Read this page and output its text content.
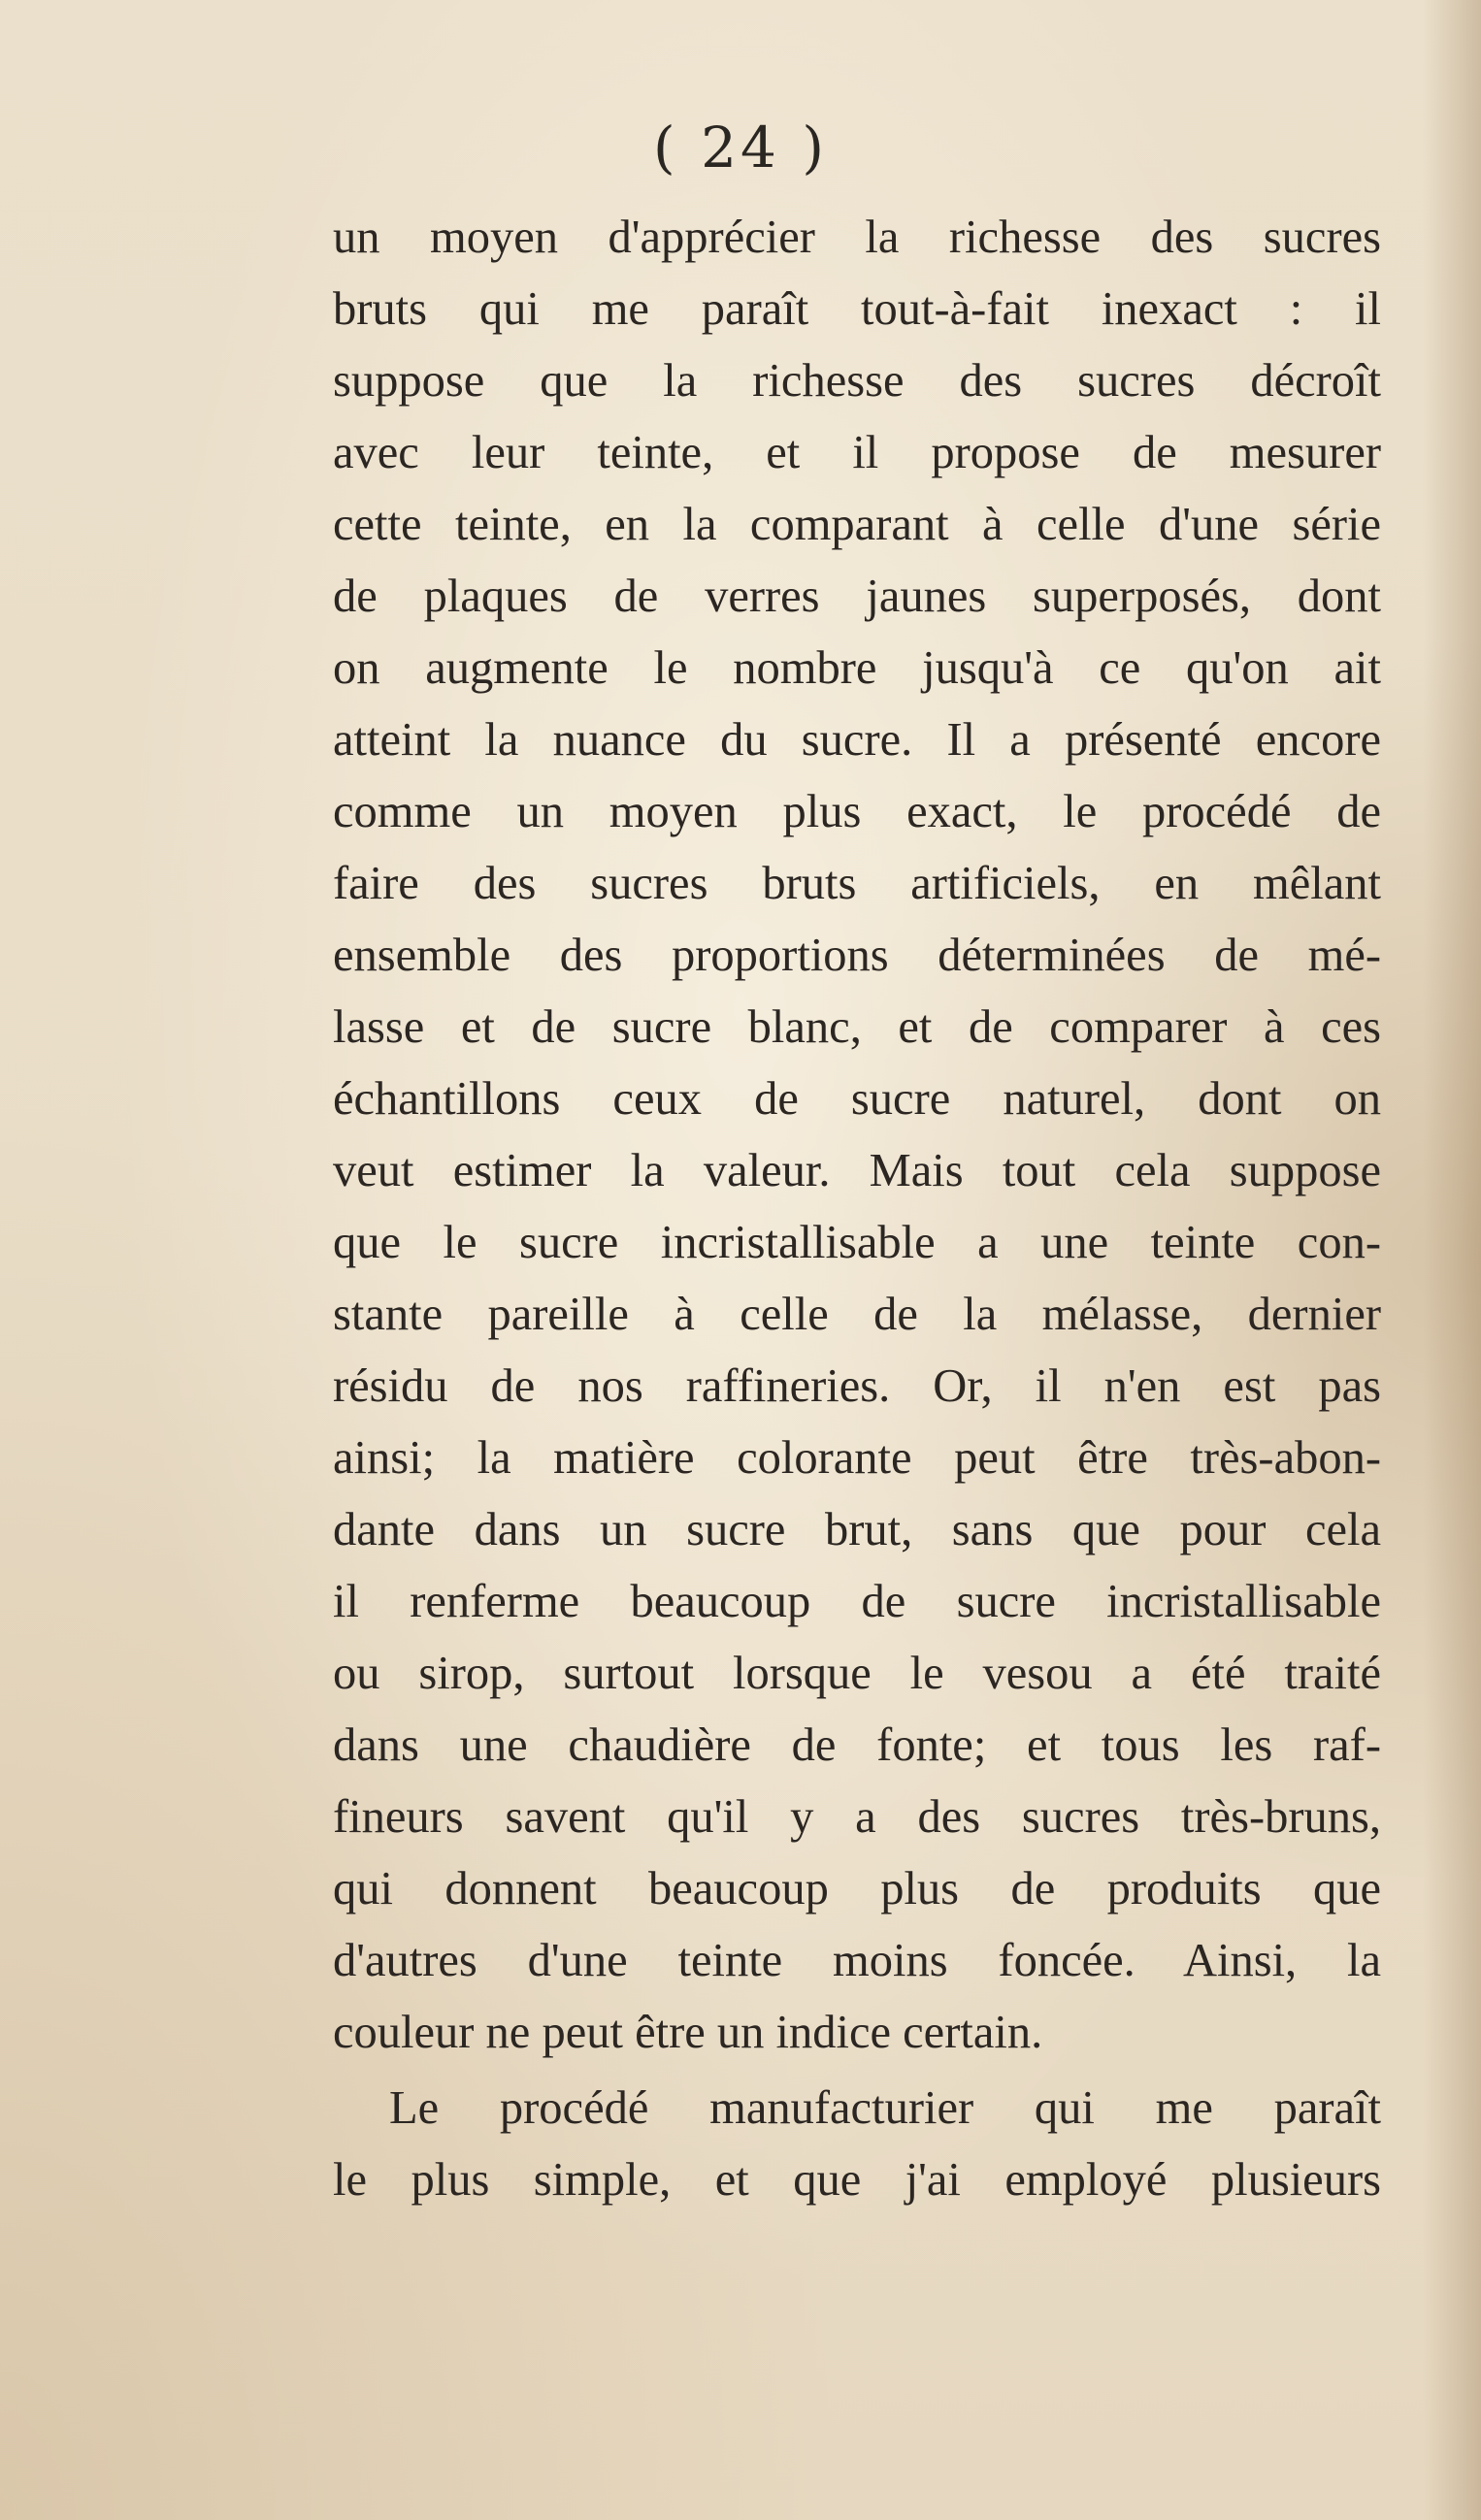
( 24 )
un moyen d'apprécier la richesse des sucres
bruts qui me paraît tout-à-fait inexact : il
suppose que la richesse des sucres décroît
avec leur teinte, et il propose de mesurer
cette teinte, en la comparant à celle d'une série
de plaques de verres jaunes superposés, dont
on augmente le nombre jusqu'à ce qu'on ait
atteint la nuance du sucre. Il a présenté encore
comme un moyen plus exact, le procédé de
faire des sucres bruts artificiels, en mêlant
ensemble des proportions déterminées de mé-
lasse et de sucre blanc, et de comparer à ces
échantillons ceux de sucre naturel, dont on
veut estimer la valeur. Mais tout cela suppose
que le sucre incristallisable a une teinte con-
stante pareille à celle de la mélasse, dernier
résidu de nos raffineries. Or, il n'en est pas
ainsi; la matière colorante peut être très-abon-
dante dans un sucre brut, sans que pour cela
il renferme beaucoup de sucre incristallisable
ou sirop, surtout lorsque le vesou a été traité
dans une chaudière de fonte; et tous les raf-
fineurs savent qu'il y a des sucres très-bruns,
qui donnent beaucoup plus de produits que
d'autres d'une teinte moins foncée. Ainsi, la
couleur ne peut être un indice certain.
Le procédé manufacturier qui me paraît
le plus simple, et que j'ai employé plusieurs
